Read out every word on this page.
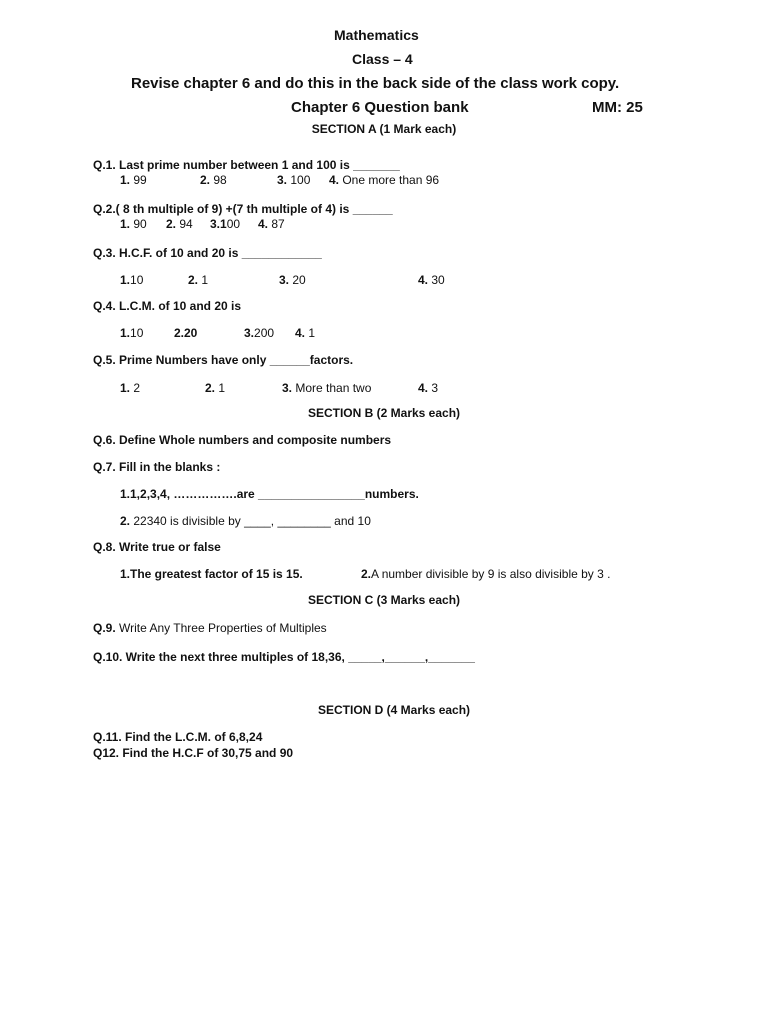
Mathematics
Class – 4
Revise chapter 6 and do this in the back side of the class work copy.
Chapter 6 Question bank	MM: 25
SECTION A (1 Mark each)
Q.1. Last prime number between 1 and 100 is _______
1. 99	2. 98	3. 100 4. One more than 96
Q.2.( 8 th multiple of 9) +(7 th multiple of 4) is ______
1. 90 2. 94 3.100 4. 87
Q.3. H.C.F. of 10 and 20 is ____________
1.10	2. 1	3. 20	4. 30
Q.4. L.C.M. of 10 and 20 is
1.10	2.20	3.200 4. 1
Q.5. Prime Numbers have only ______factors.
1. 2	2. 1	3. More than two	4. 3
SECTION B (2 Marks each)
Q.6. Define Whole numbers and composite numbers
Q.7. Fill in the blanks :
1.1,2,3,4, …………….are ________________numbers.
2. 22340 is divisible by ____, ________ and 10
Q.8. Write true or false
1.The greatest factor of 15 is 15.	2.A number divisible by 9 is also divisible by 3 .
SECTION C (3 Marks each)
Q.9. Write Any Three Properties of Multiples
Q.10. Write the next three multiples of 18,36, _____,______,_______
SECTION D (4 Marks each)
Q.11. Find the L.C.M. of 6,8,24
Q12. Find the H.C.F of 30,75 and 90
